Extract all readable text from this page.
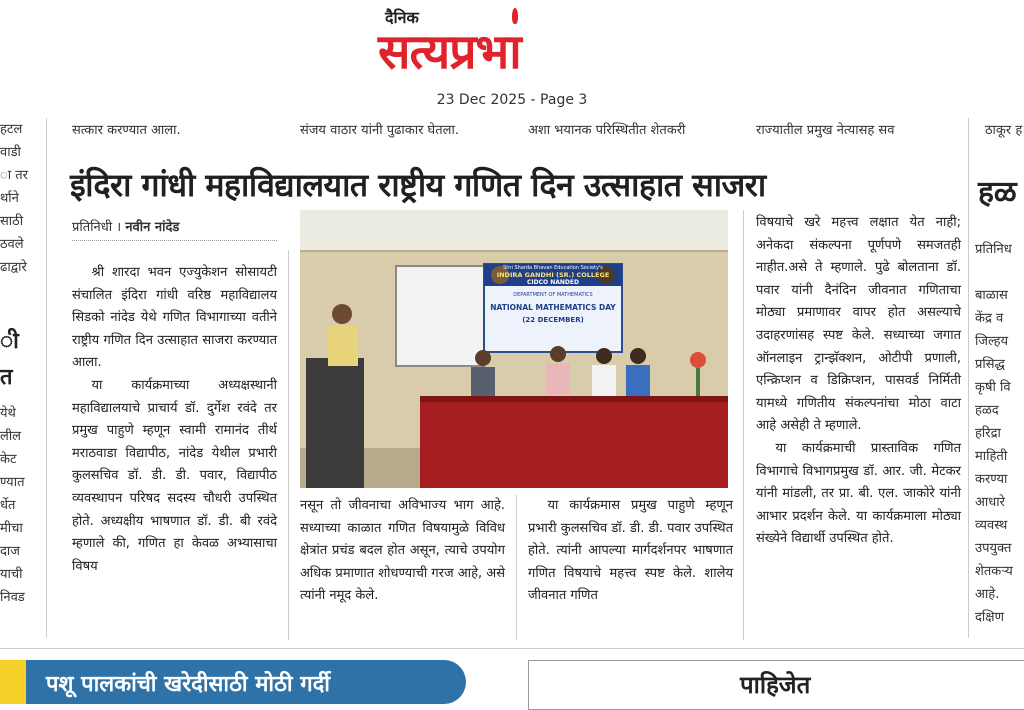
दैनिक
सत्यप्रभा
23 Dec 2025 - Page 3
सत्कार करण्यात आला.	संजय वाठार यांनी पुढाकार घेतला.	अशा भयानक परिस्थितीत शेतकरी	राज्यातील प्रमुख नेत्यासह सव	ठाकूर ह
हटल
वाडी
ा तर
र्थाने
साठी
ठवले
ढाद्वारे
ी
त
येथे
लील
केट
ण्यात
र्धेत
मीचा
दाज
याची
निवड
इंदिरा गांधी महाविद्यालयात राष्ट्रीय गणित दिन उत्साहात साजरा
प्रतिनिधी । नवीन नांदेड

श्री शारदा भवन एज्युकेशन सोसायटी संचालित इंदिरा गांधी वरिष्ठ महाविद्यालय सिडको नांदेड येथे गणित विभागाच्या वतीने राष्ट्रीय गणित दिन उत्साहात साजरा करण्यात आला.

या कार्यक्रमाच्या अध्यक्षस्थानी महाविद्यालयाचे प्राचार्य डॉ. दुर्गेश रवंदे तर प्रमुख पाहुणे म्हणून स्वामी रामानंद तीर्थ मराठवाडा विद्यापीठ, नांदेड येथील प्रभारी कुलसचिव डॉ. डी. डी. पवार, विद्यापीठ व्यवस्थापन परिषद सदस्य चौधरी उपस्थित होते. अध्यक्षीय भाषणात डॉ. डी. बी रवंदे म्हणाले की, गणित हा केवळ अभ्यासाचा विषय

Shri Sharda Bhavan Education Society's
INDIRA GANDHI (SR.) COLLEGE
CIDCO NANDED
DEPARTMENT OF MATHEMATICS
NATIONAL MATHEMATICS DAY
(22 DECEMBER)

नसून तो जीवनाचा अविभाज्य भाग आहे. सध्याच्या काळात गणित विषयामुळे विविध क्षेत्रांत प्रचंड बदल होत असून, त्याचे उपयोग अधिक प्रमाणात शोधण्याची गरज आहे, असे त्यांनी नमूद केले.

या कार्यक्रमास प्रमुख पाहुणे म्हणून प्रभारी कुलसचिव डॉ. डी. डी. पवार उपस्थित होते. त्यांनी आपल्या मार्गदर्शनपर भाषणात गणित विषयाचे महत्त्व स्पष्ट केले. शालेय जीवनात गणित

विषयाचे खरे महत्त्व लक्षात येत नाही; अनेकदा संकल्पना पूर्णपणे समजतही नाहीत.असे ते म्हणाले. पुढे बोलताना डॉ. पवार यांनी दैनंदिन जीवनात गणिताचा मोठ्या प्रमाणावर वापर होत असल्याचे उदाहरणांसह स्पष्ट केले. सध्याच्या जगात ऑनलाइन ट्रान्झॅक्शन, ओटीपी प्रणाली, एन्क्रिप्शन व डिक्रिप्शन, पासवर्ड निर्मिती यामध्ये गणितीय संकल्पनांचा मोठा वाटा आहे असेही ते म्हणाले.

या कार्यक्रमाची प्रास्ताविक गणित विभागाचे विभागप्रमुख डॉ. आर. जी. मेटकर यांनी मांडली, तर प्रा. बी. एल. जाकोरे यांनी आभार प्रदर्शन केले. या कार्यक्रमाला मोठ्या संख्येने विद्यार्थी उपस्थित होते.

हळ
प्रतिनिध
बाळास
केंद्र व
जिल्हय
प्रसिद्ध
कृषी वि
हळद
हरिद्रा
माहिती
करण्या
आधारे
व्यवस्थ
उपयुक्त
शेतकऱ्य
आहे.
दक्षिण
पशू पालकांची खरेदीसाठी मोठी गर्दी	पाहिजेत
